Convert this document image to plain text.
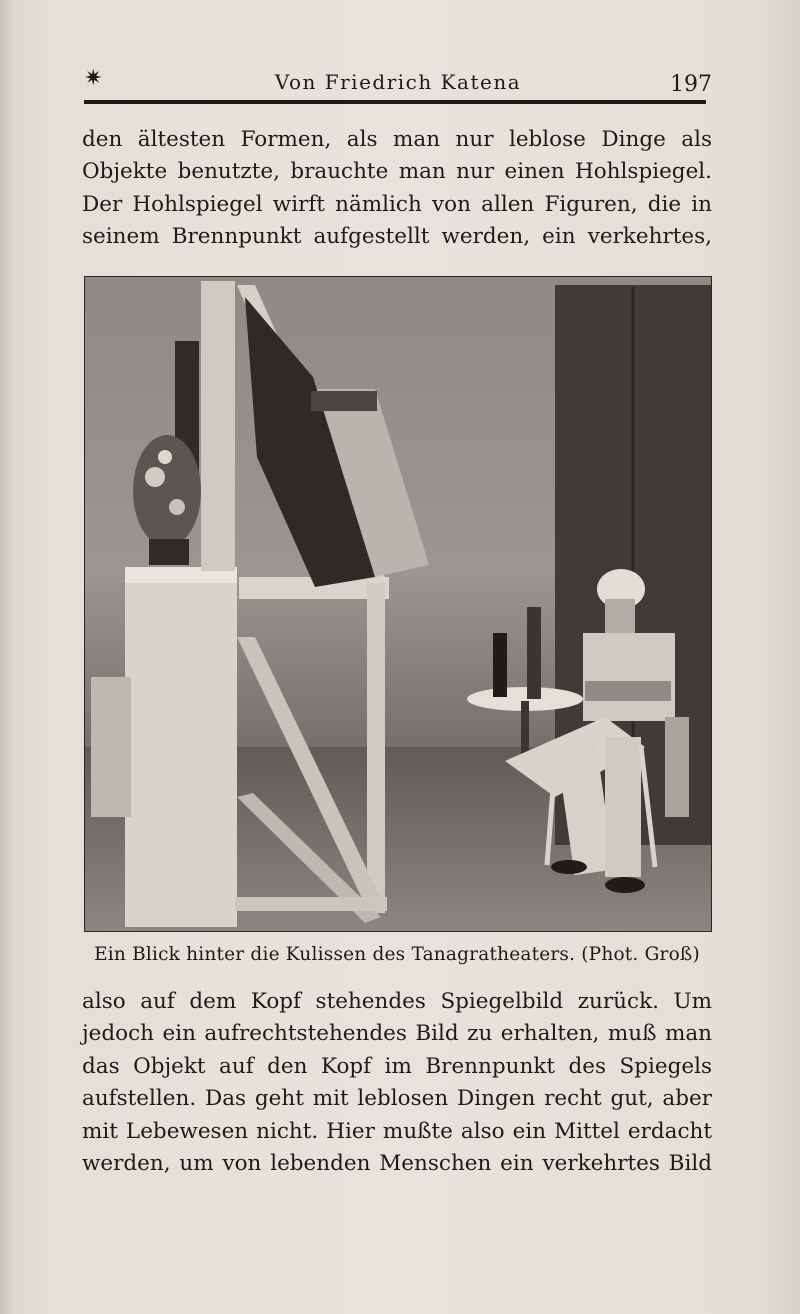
✷	Von Friedrich Katena	197
den ältesten Formen, als man nur leblose Dinge als
Objekte benutzte, brauchte man nur einen Hohlspiegel.
Der Hohlspiegel wirft nämlich von allen Figuren, die in
seinem Brennpunkt aufgestellt werden, ein verkehrtes,
Ein Blick hinter die Kulissen des Tanagratheaters. (Phot. Groß)
also auf dem Kopf stehendes Spiegelbild zurück. Um
jedoch ein aufrechtstehendes Bild zu erhalten, muß man
das Objekt auf den Kopf im Brennpunkt des Spiegels
aufstellen. Das geht mit leblosen Dingen recht gut, aber
mit Lebewesen nicht. Hier mußte also ein Mittel erdacht
werden, um von lebenden Menschen ein verkehrtes Bild
